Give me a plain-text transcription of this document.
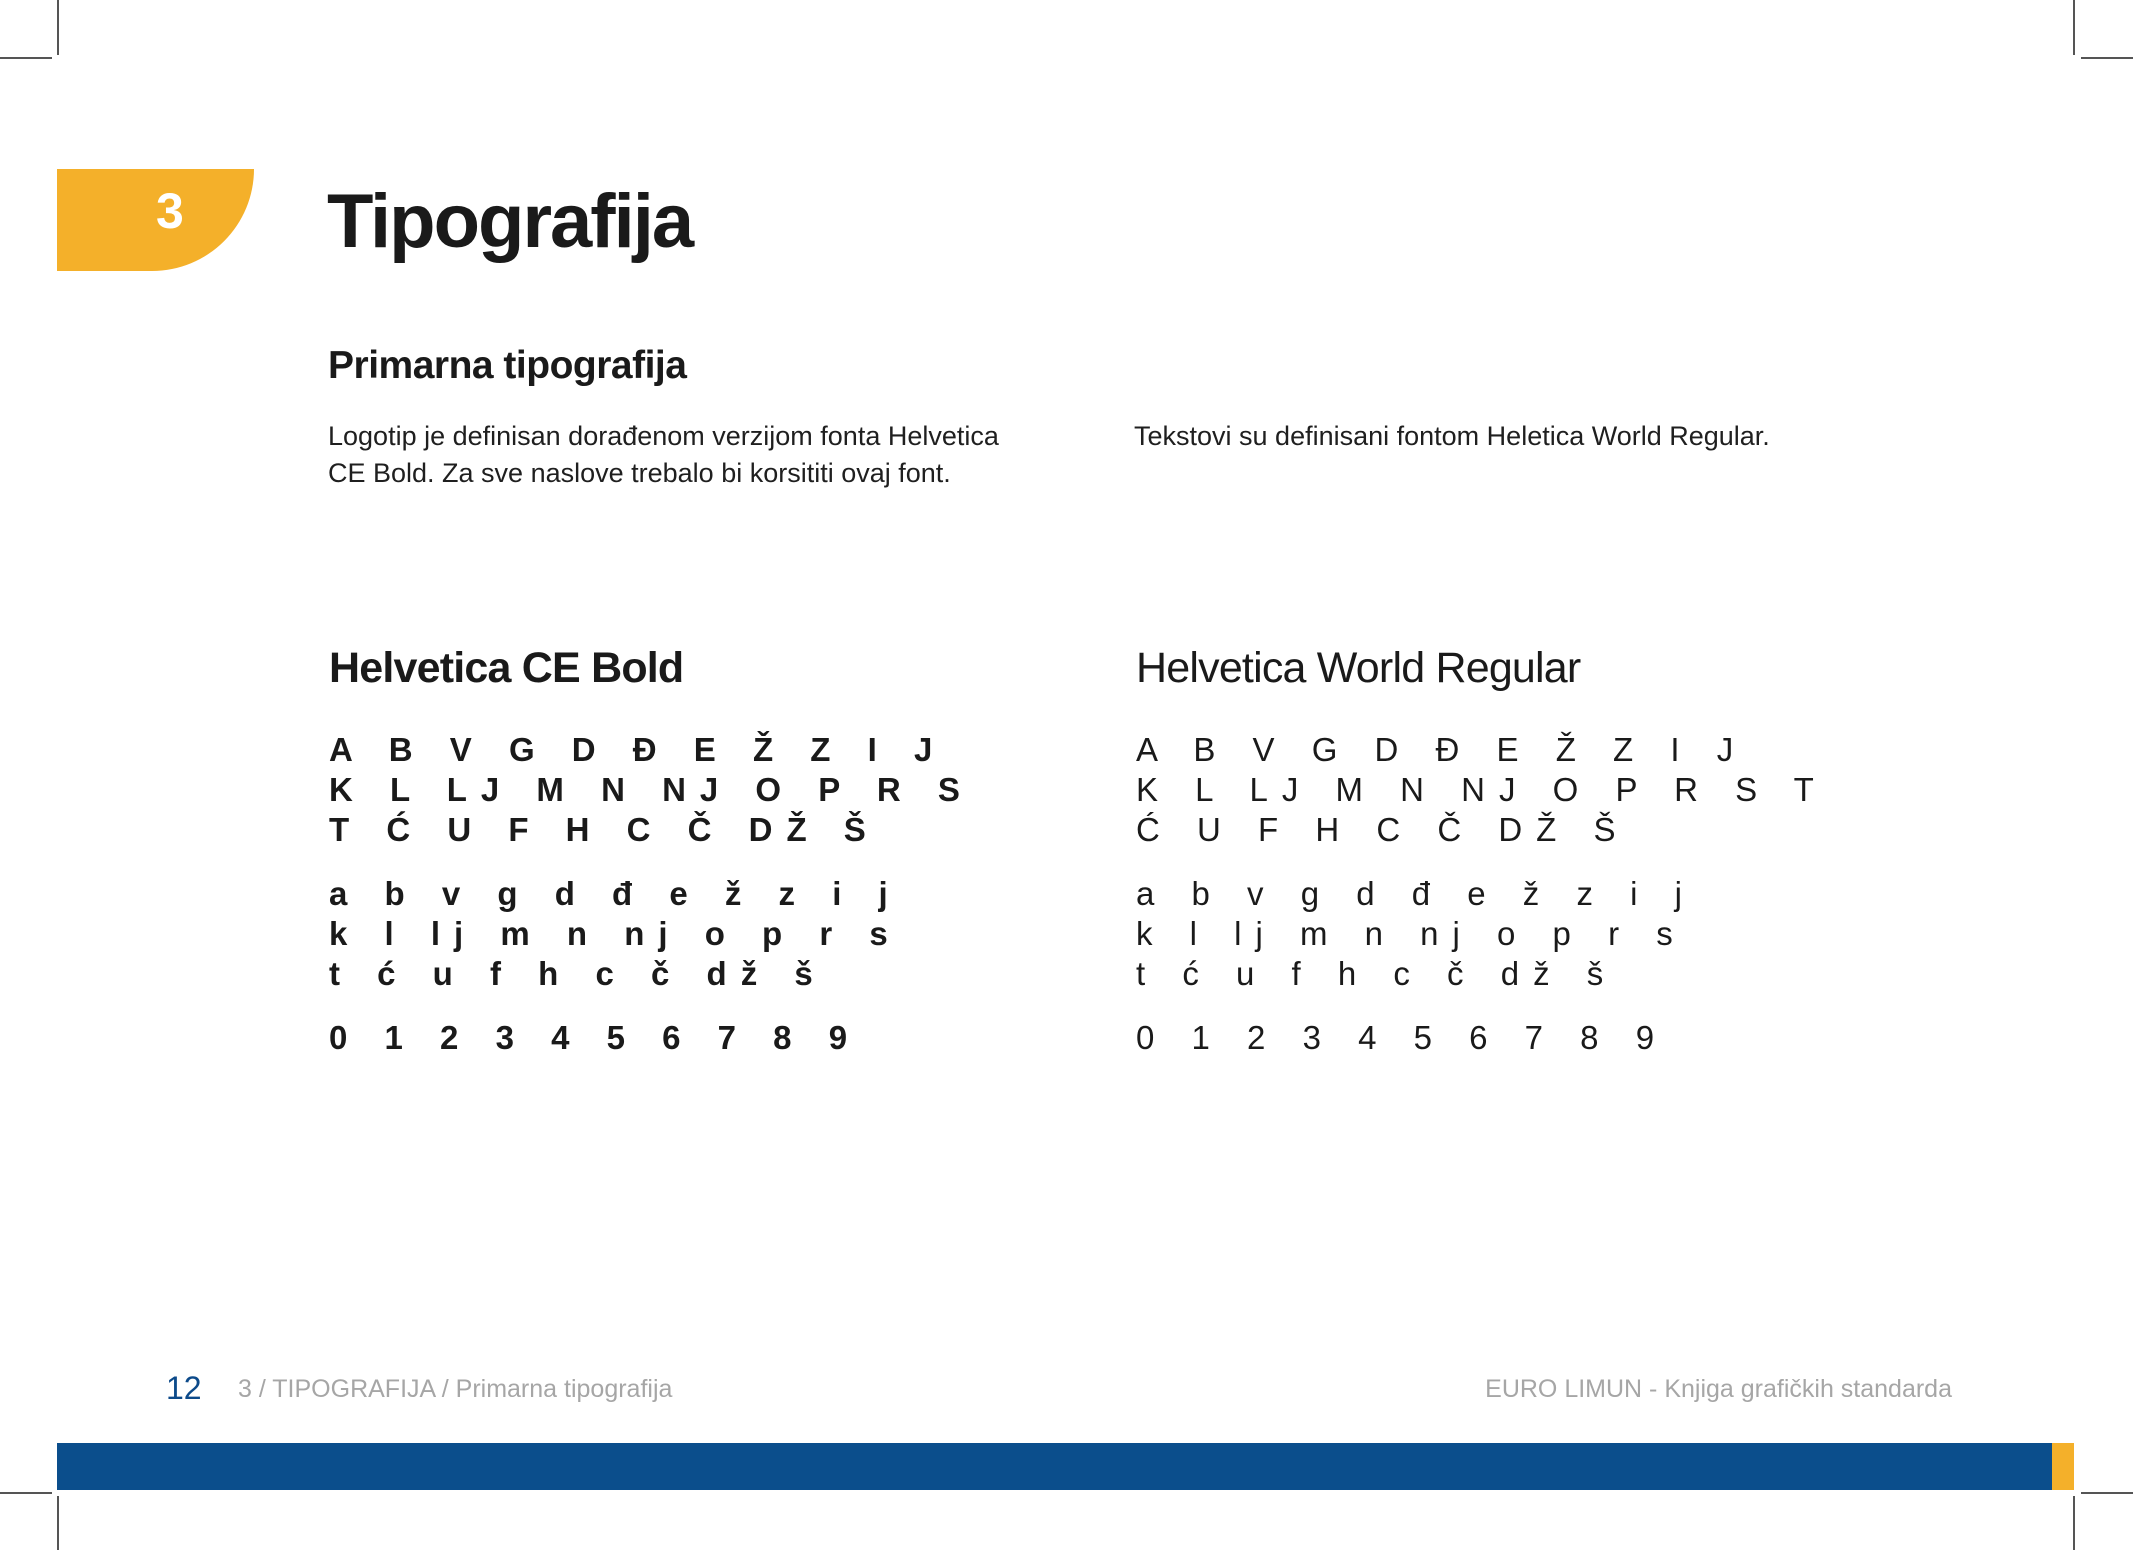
3 Tipografija
Primarna tipografija

Logotip je definisan dorađenom verzijom fonta Helvetica
CE Bold. Za sve naslove trebalo bi korsititi ovaj font.

Tekstovi su definisani fontom Heletica World Regular.

Helvetica CE Bold
A B V G D Đ E Ž Z I J
K L LJ M N NJ O P R S
T Ć U F H C Č DŽ Š
a b v g d đ e ž z i j
k l lj m n nj o p r s
t ć u f h c č dž š
0 1 2 3 4 5 6 7 8 9
Helvetica World Regular
A B V G D Đ E Ž Z I J
K L LJ M N NJ O P R S T
Ć U F H C Č DŽ Š
a b v g d đ e ž z i j
k l lj m n nj o p r s
t ć u f h c č dž š
0 1 2 3 4 5 6 7 8 9
12 3 / TIPOGRAFIJA / Primarna tipografija	EURO LIMUN - Knjiga grafičkih standarda
